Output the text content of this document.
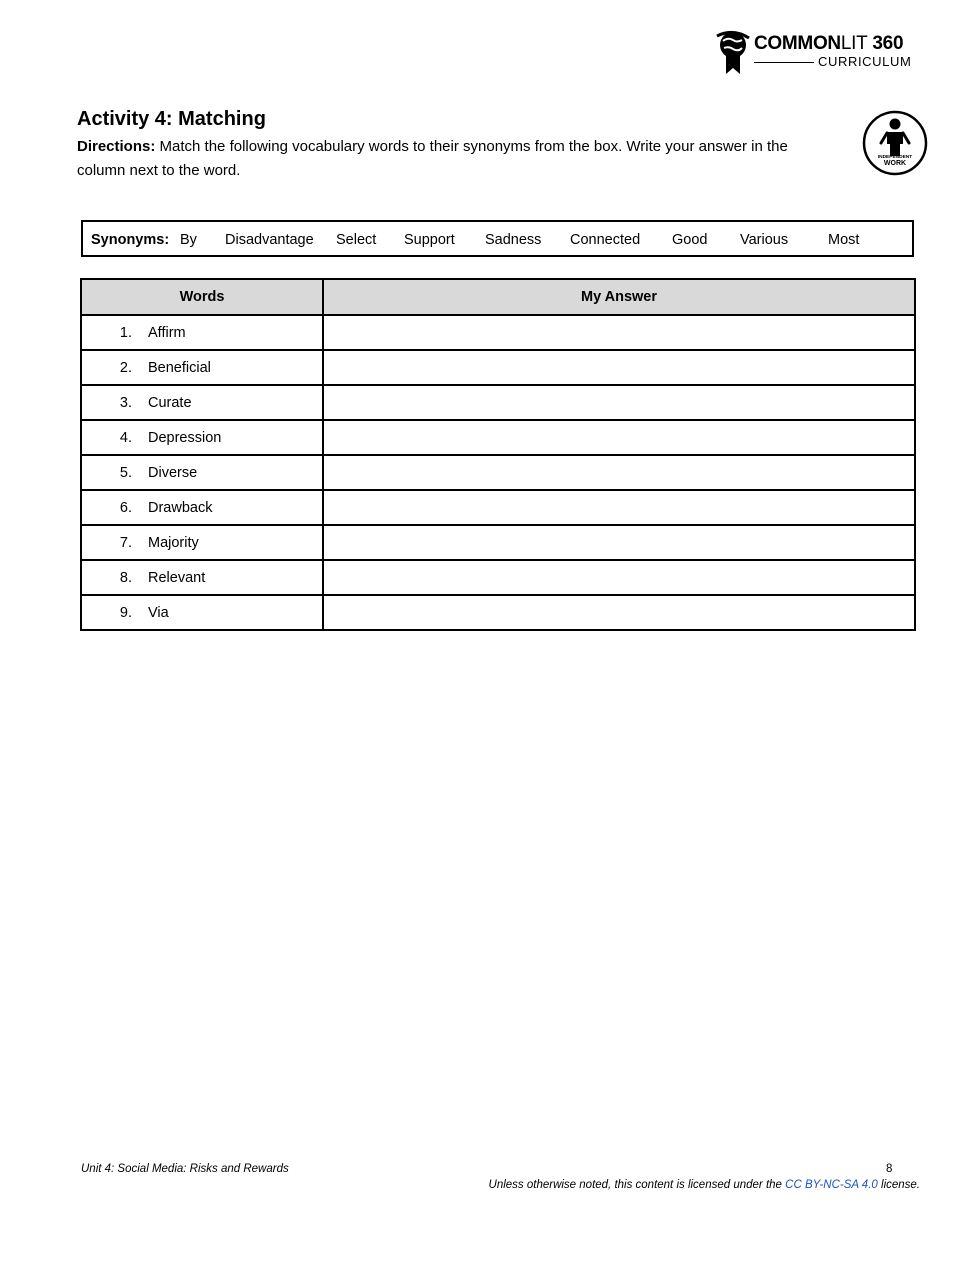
COMMONLIT 360
CURRICULUM
Activity 4: Matching

Directions: Match the following vocabulary words to their synonyms from the box. Write your answer in the column next to the word.

INDEPENDENT
WORK
Synonyms: By Disadvantage Select Support Sadness Connected Good Various	Most
Words	My Answer
1. Affirm	
2. Beneficial	
3. Curate	
4. Depression	
5. Diverse	
6. Drawback	
7. Majority	
8. Relevant	
9. Via	
Unit 4: Social Media: Risks and Rewards	8
Unless otherwise noted, this content is licensed under the CC BY-NC-SA 4.0 license.
